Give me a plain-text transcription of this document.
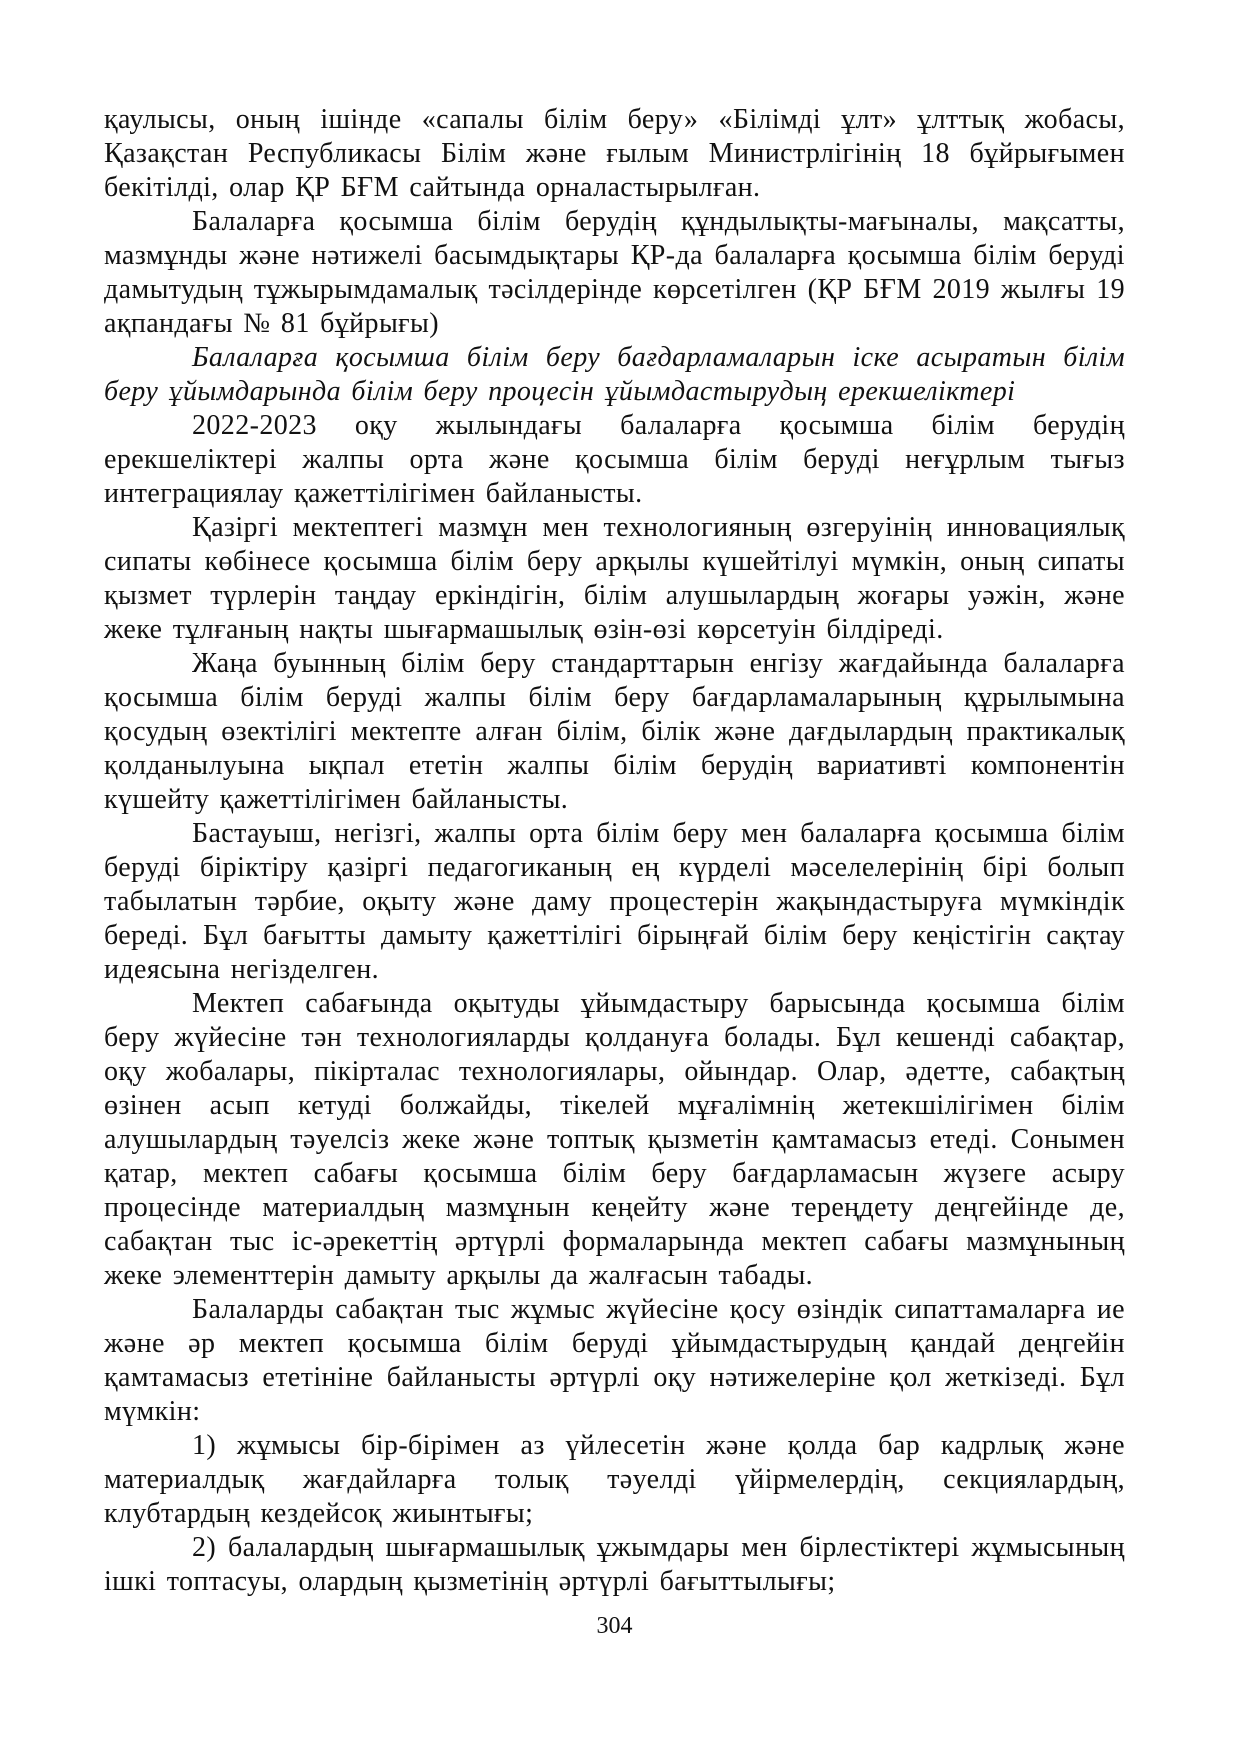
қаулысы, оның ішінде «сапалы білім беру» «Білімді ұлт» ұлттық жобасы, Қазақстан Республикасы Білім және ғылым Министрлігінің 18 бұйрығымен бекітілді, олар ҚР БҒМ сайтында орналастырылған.

Балаларға қосымша білім берудің құндылықты-мағыналы, мақсатты, мазмұнды және нәтижелі басымдықтары ҚР-да балаларға қосымша білім беруді дамытудың тұжырымдамалық тәсілдерінде көрсетілген (ҚР БҒМ 2019 жылғы 19 ақпандағы № 81 бұйрығы)

Балаларға қосымша білім беру бағдарламаларын іске асыратын білім беру ұйымдарында білім беру процесін ұйымдастырудың ерекшеліктері

2022-2023 оқу жылындағы балаларға қосымша білім берудің ерекшеліктері жалпы орта және қосымша білім беруді неғұрлым тығыз интеграциялау қажеттілігімен байланысты.

Қазіргі мектептегі мазмұн мен технологияның өзгеруінің инновациялық сипаты көбінесе қосымша білім беру арқылы күшейтілуі мүмкін, оның сипаты қызмет түрлерін таңдау еркіндігін, білім алушылардың жоғары уәжін, және жеке тұлғаның нақты шығармашылық өзін-өзі көрсетуін білдіреді.

Жаңа буынның білім беру стандарттарын енгізу жағдайында балаларға қосымша білім беруді жалпы білім беру бағдарламаларының құрылымына қосудың өзектілігі мектепте алған білім, білік және дағдылардың практикалық қолданылуына ықпал ететін жалпы білім берудің вариативті компонентін күшейту қажеттілігімен байланысты.

Бастауыш, негізгі, жалпы орта білім беру мен балаларға қосымша білім беруді біріктіру қазіргі педагогиканың ең күрделі мәселелерінің бірі болып табылатын тәрбие, оқыту және даму процестерін жақындастыруға мүмкіндік береді. Бұл бағытты дамыту қажеттілігі бірыңғай білім беру кеңістігін сақтау идеясына негізделген.

Мектеп сабағында оқытуды ұйымдастыру барысында қосымша білім беру жүйесіне тән технологияларды қолдануға болады. Бұл кешенді сабақтар, оқу жобалары, пікірталас технологиялары, ойындар. Олар, әдетте, сабақтың өзінен асып кетуді болжайды, тікелей мұғалімнің жетекшілігімен білім алушылардың тәуелсіз жеке және топтық қызметін қамтамасыз етеді. Сонымен қатар, мектеп сабағы қосымша білім беру бағдарламасын жүзеге асыру процесінде материалдың мазмұнын кеңейту және тереңдету деңгейінде де, сабақтан тыс іс-әрекеттің әртүрлі формаларында мектеп сабағы мазмұнының жеке элементтерін дамыту арқылы да жалғасын табады.

Балаларды сабақтан тыс жұмыс жүйесіне қосу өзіндік сипаттамаларға ие және әр мектеп қосымша білім беруді ұйымдастырудың қандай деңгейін қамтамасыз ететініне байланысты әртүрлі оқу нәтижелеріне қол жеткізеді. Бұл мүмкін:

1) жұмысы бір-бірімен аз үйлесетін және қолда бар кадрлық және материалдық жағдайларға толық тәуелді үйірмелердің, секциялардың, клубтардың кездейсоқ жиынтығы;

2) балалардың шығармашылық ұжымдары мен бірлестіктері жұмысының ішкі топтасуы, олардың қызметінің әртүрлі бағыттылығы;

304
